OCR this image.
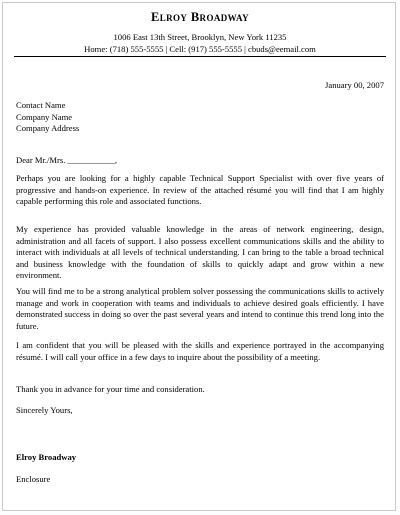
Elroy Broadway
1006 East 13th Street, Brooklyn, New York 11235
Home: (718) 555-5555 | Cell: (917) 555-5555 | cbuds@eemail.com
January 00, 2007
Contact Name
Company Name
Company Address
Dear Mr./Mrs. ___________,
Perhaps you are looking for a highly capable Technical Support Specialist with over five years of progressive and hands-on experience. In review of the attached résumé you will find that I am highly capable performing this role and associated functions.
My experience has provided valuable knowledge in the areas of network engineering, design, administration and all facets of support. I also possess excellent communications skills and the ability to interact with individuals at all levels of technical understanding. I can bring to the table a broad technical and business knowledge with the foundation of skills to quickly adapt and grow within a new environment.
You will find me to be a strong analytical problem solver possessing the communications skills to actively manage and work in cooperation with teams and individuals to achieve desired goals efficiently. I have demonstrated success in doing so over the past several years and intend to continue this trend long into the future.
I am confident that you will be pleased with the skills and experience portrayed in the accompanying résumé. I will call your office in a few days to inquire about the possibility of a meeting.
Thank you in advance for your time and consideration.
Sincerely Yours,
Elroy Broadway
Enclosure
